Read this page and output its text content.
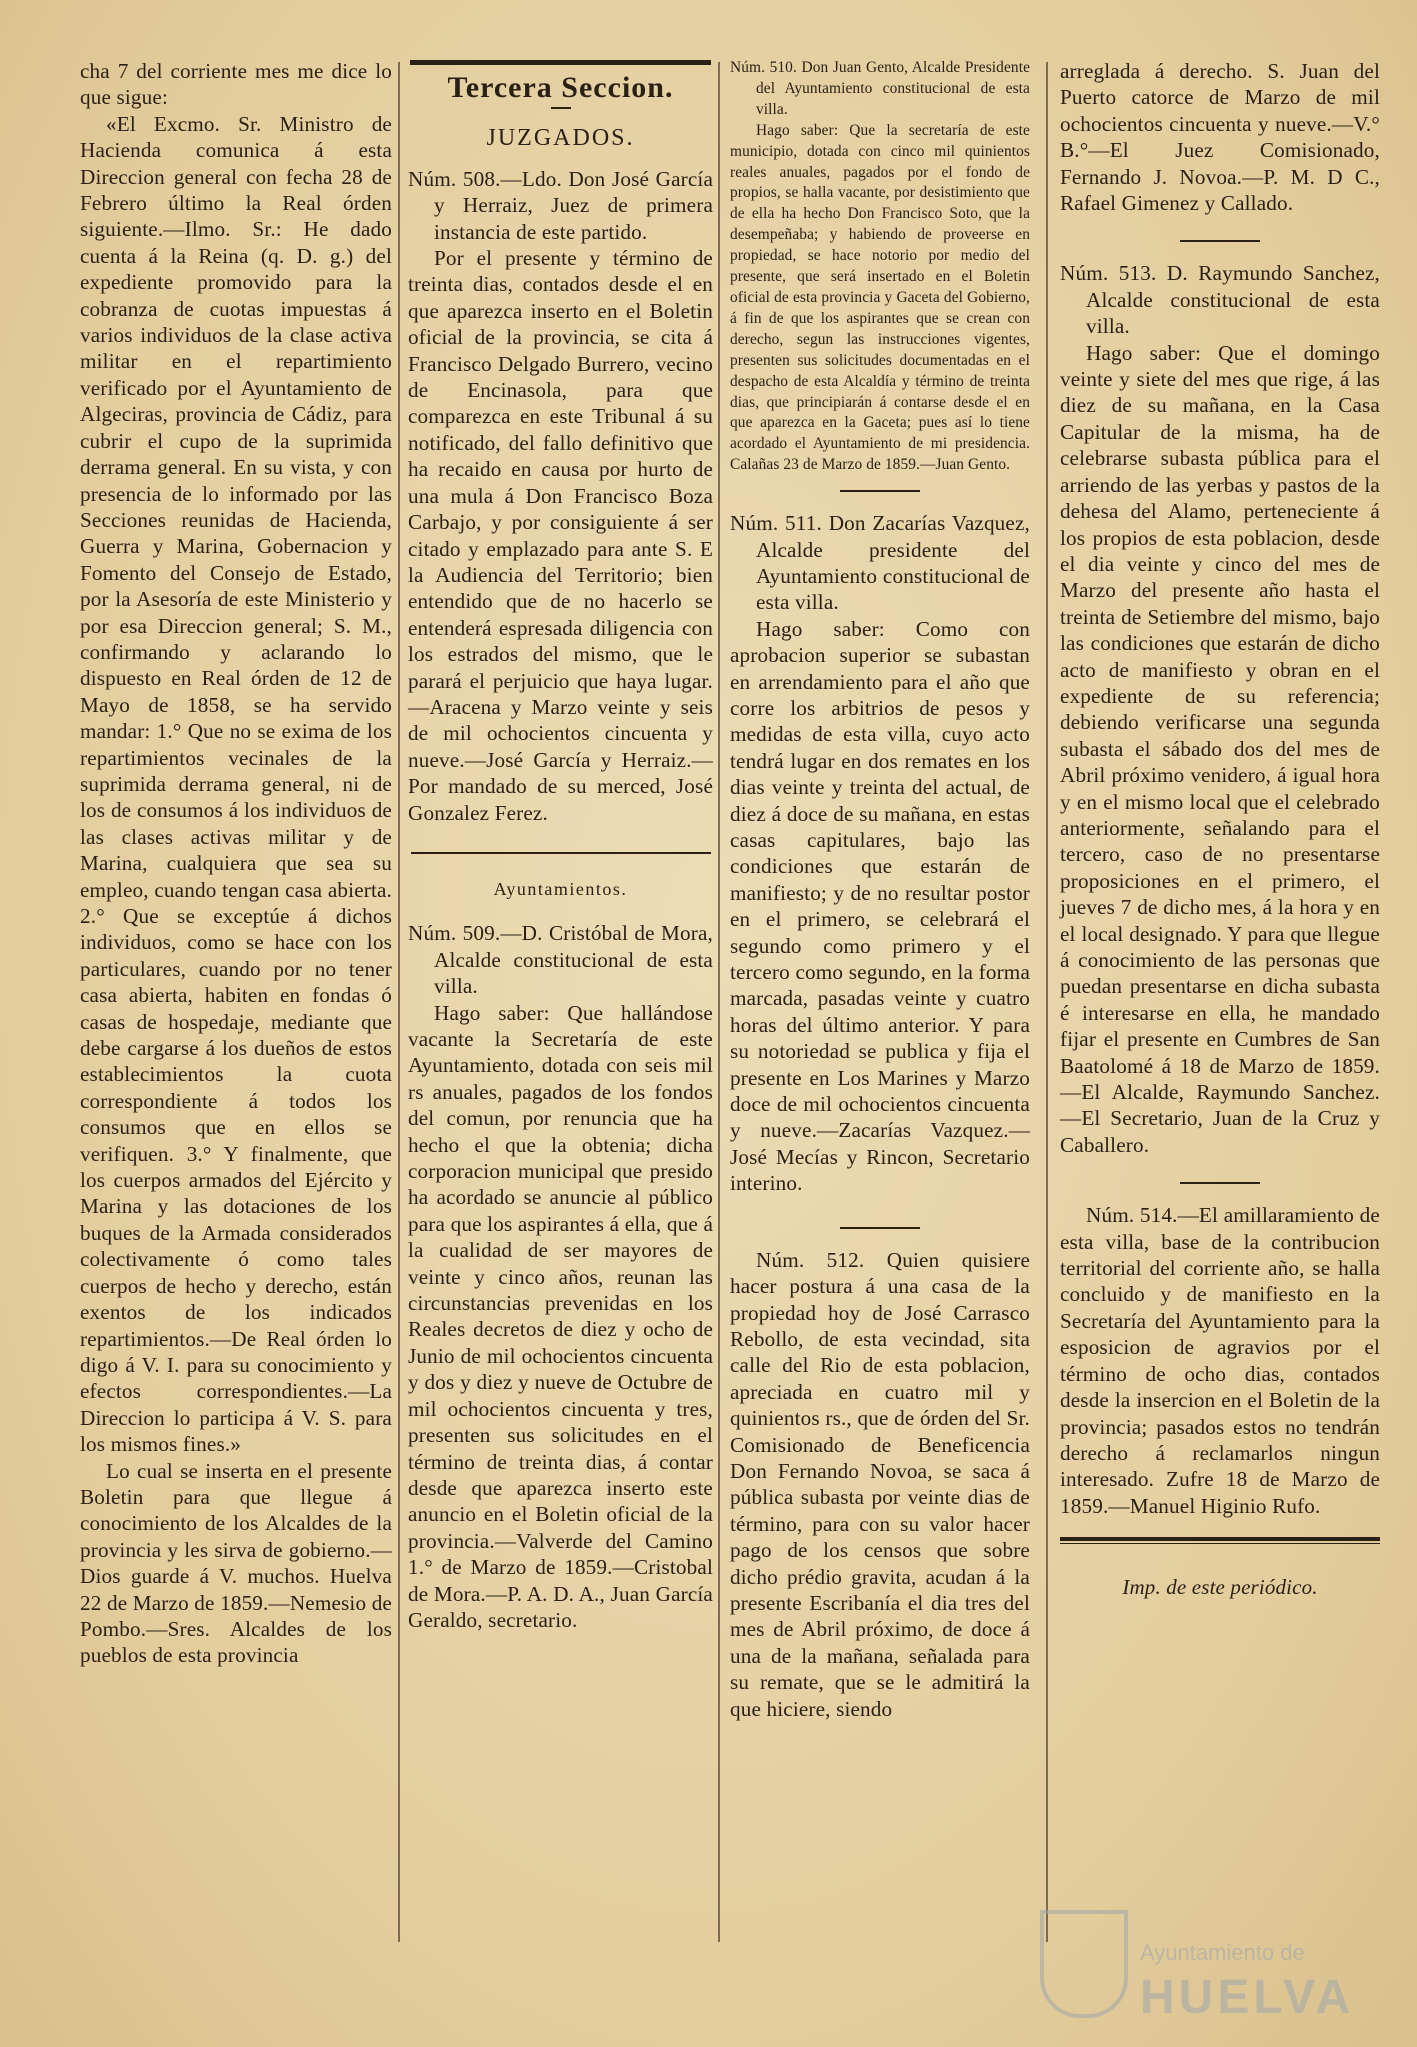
cha 7 del corriente mes me dice lo que sigue:

«El Excmo. Sr. Ministro de Hacienda comunica á esta Direccion general con fecha 28 de Febrero último la Real órden siguiente.—Ilmo. Sr.: He dado cuenta á la Reina (q. D. g.) del expediente promovido para la cobranza de cuotas impuestas á varios individuos de la clase activa militar en el repartimiento verificado por el Ayuntamiento de Algeciras, provincia de Cádiz, para cubrir el cupo de la suprimida derrama general. En su vista, y con presencia de lo informado por las Secciones reunidas de Hacienda, Guerra y Marina, Gobernacion y Fomento del Consejo de Estado, por la Asesoría de este Ministerio y por esa Direccion general; S. M., confirmando y aclarando lo dispuesto en Real órden de 12 de Mayo de 1858, se ha servido mandar: 1.° Que no se exima de los repartimientos vecinales de la suprimida derrama general, ni de los de consumos á los individuos de las clases activas militar y de Marina, cualquiera que sea su empleo, cuando tengan casa abierta. 2.° Que se exceptúe á dichos individuos, como se hace con los particulares, cuando por no tener casa abierta, habiten en fondas ó casas de hospedaje, mediante que debe cargarse á los dueños de estos establecimientos la cuota correspondiente á todos los consumos que en ellos se verifiquen. 3.° Y finalmente, que los cuerpos armados del Ejército y Marina y las dotaciones de los buques de la Armada considerados colectivamente ó como tales cuerpos de hecho y derecho, están exentos de los indicados repartimientos.—De Real órden lo digo á V. I. para su conocimiento y efectos correspondientes.—La Direccion lo participa á V. S. para los mismos fines.»

Lo cual se inserta en el presente Boletin para que llegue á conocimiento de los Alcaldes de la provincia y les sirva de gobierno.—Dios guarde á V. muchos. Huelva 22 de Marzo de 1859.—Nemesio de Pombo.—Sres. Alcaldes de los pueblos de esta provincia

Tercera Seccion.
JUZGADOS.

Núm. 508.—Ldo. Don José García y Herraiz, Juez de primera instancia de este partido.

Por el presente y término de treinta dias, contados desde el en que aparezca inserto en el Boletin oficial de la provincia, se cita á Francisco Delgado Burrero, vecino de Encinasola, para que comparezca en este Tribunal á su notificado, del fallo definitivo que ha recaido en causa por hurto de una mula á Don Francisco Boza Carbajo, y por consiguiente á ser citado y emplazado para ante S. E la Audiencia del Territorio; bien entendido que de no hacerlo se entenderá espresada diligencia con los estrados del mismo, que le parará el perjuicio que haya lugar.—Aracena y Marzo veinte y seis de mil ochocientos cincuenta y nueve.—José García y Herraiz.—Por mandado de su merced, José Gonzalez Ferez.

Ayuntamientos.

Núm. 509.—D. Cristóbal de Mora, Alcalde constitucional de esta villa.

Hago saber: Que hallándose vacante la Secretaría de este Ayuntamiento, dotada con seis mil rs anuales, pagados de los fondos del comun, por renuncia que ha hecho el que la obtenia; dicha corporacion municipal que presido ha acordado se anuncie al público para que los aspirantes á ella, que á la cualidad de ser mayores de veinte y cinco años, reunan las circunstancias prevenidas en los Reales decretos de diez y ocho de Junio de mil ochocientos cincuenta y dos y diez y nueve de Octubre de mil ochocientos cincuenta y tres, presenten sus solicitudes en el término de treinta dias, á contar desde que aparezca inserto este anuncio en el Boletin oficial de la provincia.—Valverde del Camino 1.° de Marzo de 1859.—Cristobal de Mora.—P. A. D. A., Juan García Geraldo, secretario.

Núm. 510. Don Juan Gento, Alcalde Presidente del Ayuntamiento constitucional de esta villa.

Hago saber: Que la secretaría de este municipio, dotada con cinco mil quinientos reales anuales, pagados por el fondo de propios, se halla vacante, por desistimiento que de ella ha hecho Don Francisco Soto, que la desempeñaba; y habiendo de proveerse en propiedad, se hace notorio por medio del presente, que será insertado en el Boletin oficial de esta provincia y Gaceta del Gobierno, á fin de que los aspirantes que se crean con derecho, segun las instrucciones vigentes, presenten sus solicitudes documentadas en el despacho de esta Alcaldía y término de treinta dias, que principiarán á contarse desde el en que aparezca en la Gaceta; pues así lo tiene acordado el Ayuntamiento de mi presidencia. Calañas 23 de Marzo de 1859.—Juan Gento.

Núm. 511. Don Zacarías Vazquez, Alcalde presidente del Ayuntamiento constitucional de esta villa.

Hago saber: Como con aprobacion superior se subastan en arrendamiento para el año que corre los arbitrios de pesos y medidas de esta villa, cuyo acto tendrá lugar en dos remates en los dias veinte y treinta del actual, de diez á doce de su mañana, en estas casas capitulares, bajo las condiciones que estarán de manifiesto; y de no resultar postor en el primero, se celebrará el segundo como primero y el tercero como segundo, en la forma marcada, pasadas veinte y cuatro horas del último anterior. Y para su notoriedad se publica y fija el presente en Los Marines y Marzo doce de mil ochocientos cincuenta y nueve.—Zacarías Vazquez.—José Mecías y Rincon, Secretario interino.

Núm. 512. Quien quisiere hacer postura á una casa de la propiedad hoy de José Carrasco Rebollo, de esta vecindad, sita calle del Rio de esta poblacion, apreciada en cuatro mil y quinientos rs., que de órden del Sr. Comisionado de Beneficencia Don Fernando Novoa, se saca á pública subasta por veinte dias de término, para con su valor hacer pago de los censos que sobre dicho prédio gravita, acudan á la presente Escribanía el dia tres del mes de Abril próximo, de doce á una de la mañana, señalada para su remate, que se le admitirá la que hiciere, siendo

arreglada á derecho. S. Juan del Puerto catorce de Marzo de mil ochocientos cincuenta y nueve.—V.° B.°—El Juez Comisionado, Fernando J. Novoa.—P. M. D C., Rafael Gimenez y Callado.

Núm. 513. D. Raymundo Sanchez, Alcalde constitucional de esta villa.

Hago saber: Que el domingo veinte y siete del mes que rige, á las diez de su mañana, en la Casa Capitular de la misma, ha de celebrarse subasta pública para el arriendo de las yerbas y pastos de la dehesa del Alamo, perteneciente á los propios de esta poblacion, desde el dia veinte y cinco del mes de Marzo del presente año hasta el treinta de Setiembre del mismo, bajo las condiciones que estarán de dicho acto de manifiesto y obran en el expediente de su referencia; debiendo verificarse una segunda subasta el sábado dos del mes de Abril próximo venidero, á igual hora y en el mismo local que el celebrado anteriormente, señalando para el tercero, caso de no presentarse proposiciones en el primero, el jueves 7 de dicho mes, á la hora y en el local designado. Y para que llegue á conocimiento de las personas que puedan presentarse en dicha subasta é interesarse en ella, he mandado fijar el presente en Cumbres de San Baatolomé á 18 de Marzo de 1859.—El Alcalde, Raymundo Sanchez.—El Secretario, Juan de la Cruz y Caballero.

Núm. 514.—El amillaramiento de esta villa, base de la contribucion territorial del corriente año, se halla concluido y de manifiesto en la Secretaría del Ayuntamiento para la esposicion de agravios por el término de ocho dias, contados desde la insercion en el Boletin de la provincia; pasados estos no tendrán derecho á reclamarlos ningun interesado. Zufre 18 de Marzo de 1859.—Manuel Higinio Rufo.

Imp. de este periódico.
Ayuntamiento de
HUELVA
